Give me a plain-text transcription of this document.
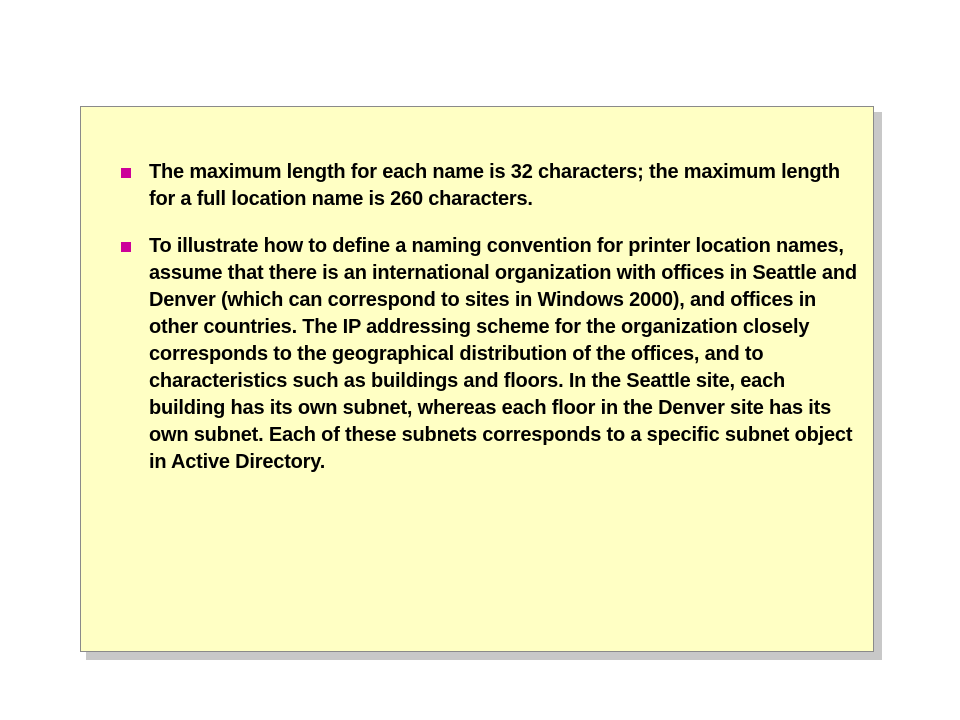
The maximum length for each name is 32 characters; the maximum length for a full location name is 260 characters.
To illustrate how to define a naming convention for printer location names, assume that there is an international organization with offices in Seattle and Denver (which can correspond to sites in Windows 2000), and offices in other countries. The IP addressing scheme for the organization closely corresponds to the geographical distribution of the offices, and to characteristics such as buildings and floors. In the Seattle site, each building has its own subnet, whereas each floor in the Denver site has its own subnet. Each of these subnets corresponds to a specific subnet object in Active Directory.
